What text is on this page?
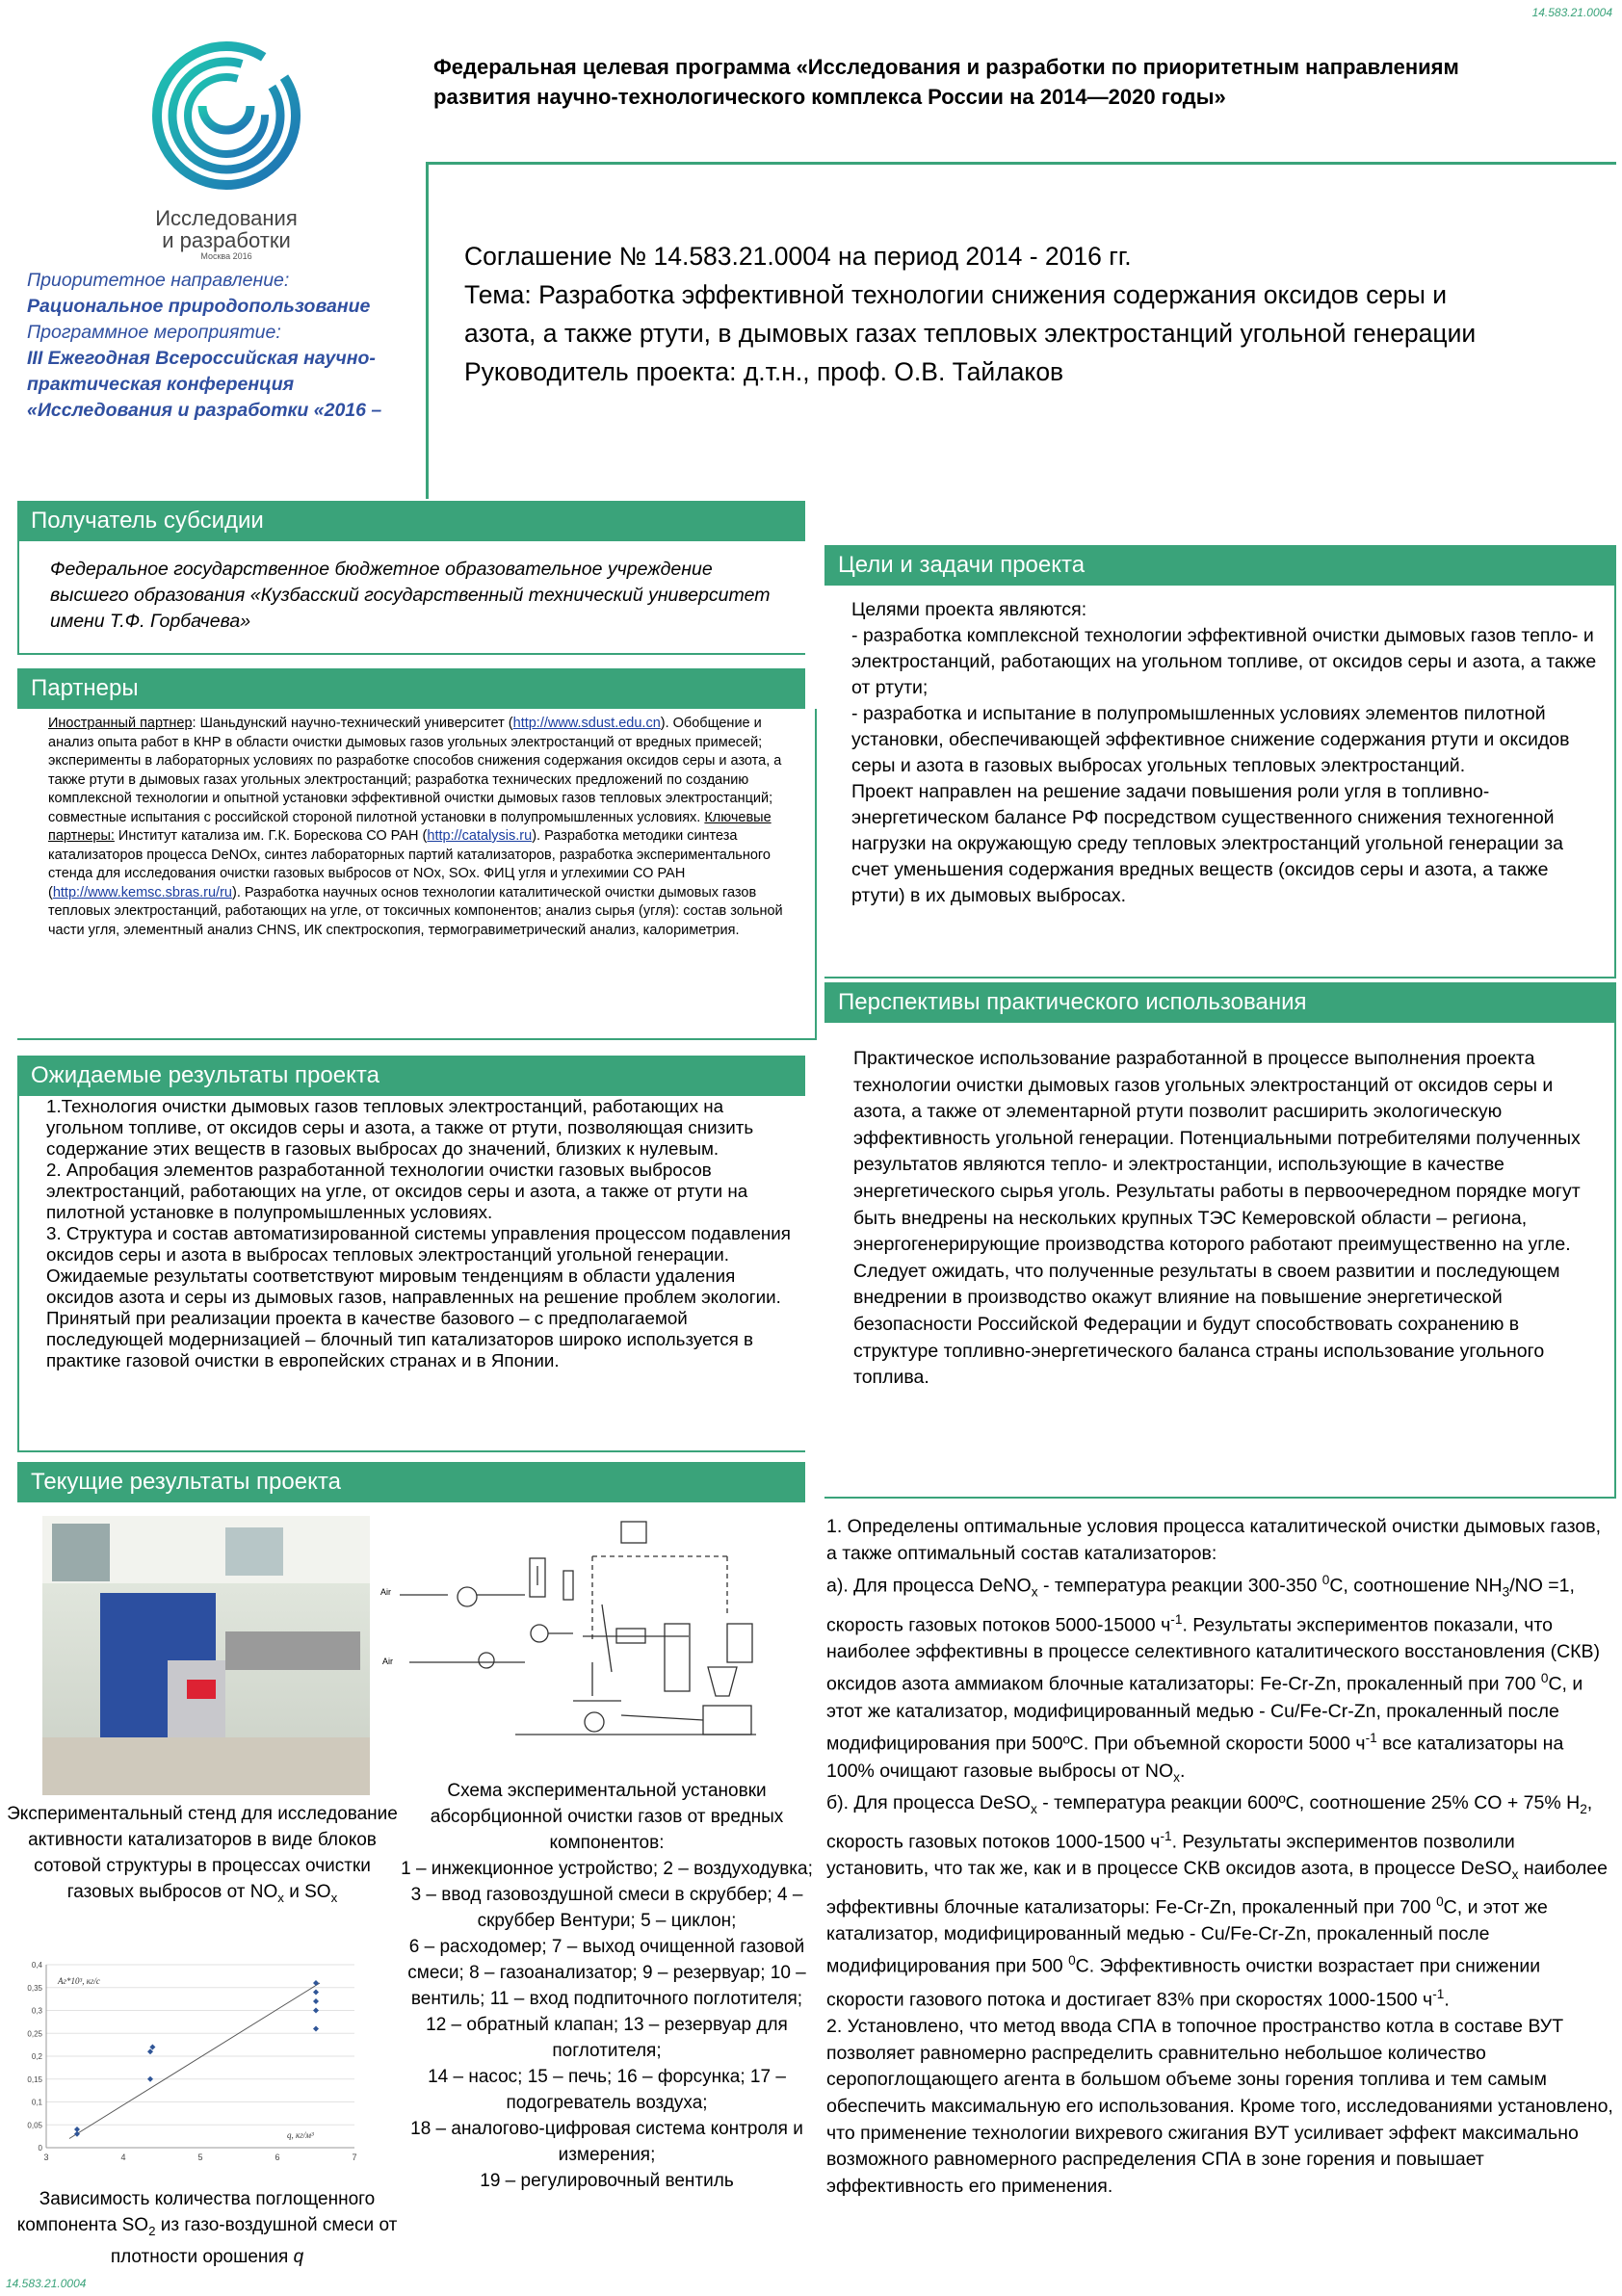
14.583.21.0004
14.583.21.0004
Исследования
и разработки
Москва 2016
Федеральная целевая программа «Исследования и разработки по приоритетным направлениям развития научно-технологического комплекса России на 2014—2020 годы»
Приоритетное направление:
Рациональное природопользование
Программное мероприятие:
III Ежегодная Всероссийская научно-практическая конференция «Исследования и разработки «2016 –
Соглашение № 14.583.21.0004 на период 2014 - 2016 гг.
Тема: Разработка эффективной технологии снижения содержания оксидов серы и
азота, а также ртути, в дымовых газах тепловых электростанций угольной генерации
Руководитель проекта: д.т.н., проф. О.В. Тайлаков
Получатель субсидии
Федеральное государственное бюджетное образовательное учреждение высшего образования «Кузбасский государственный технический университет имени Т.Ф. Горбачева»
Партнеры
Иностранный партнер: Шаньдунский научно-технический университет (http://www.sdust.edu.cn). Обобщение и анализ опыта работ в КНР в области очистки дымовых газов угольных электростанций от вредных примесей; эксперименты в лабораторных условиях по разработке способов снижения содержания оксидов серы и азота, а также ртути в дымовых газах угольных электростанций; разработка технических предложений по созданию комплексной технологии и опытной установки эффективной очистки дымовых газов тепловых электростанций; совместные испытания с российской стороной пилотной установки в полупромышленных условиях. Ключевые партнеры: Институт катализа им. Г.К. Борескова СО РАН (http://catalysis.ru). Разработка методики синтеза катализаторов процесса DeNOx, синтез лабораторных партий катализаторов, разработка экспериментального стенда для исследования очистки газовых выбросов от NOx, SOx. ФИЦ угля и углехимии СО РАН (http://www.kemsc.sbras.ru/ru). Разработка научных основ технологии каталитической очистки дымовых газов тепловых электростанций, работающих на угле, от токсичных компонентов; анализ сырья (угля): состав зольной части угля, элементный анализ CHNS, ИК спектроскопия, термогравиметрический анализ, калориметрия.
Ожидаемые результаты проекта
1.Технология очистки дымовых газов тепловых электростанций, работающих на угольном топливе, от оксидов серы и азота, а также от ртути, позволяющая снизить содержание этих веществ в газовых выбросах до значений, близких к нулевым.
2. Апробация элементов разработанной технологии очистки газовых выбросов электростанций, работающих на угле, от оксидов серы и азота, а также от ртути на пилотной установке в полупромышленных условиях.
3. Структура и состав автоматизированной системы управления процессом подавления оксидов серы и азота в выбросах тепловых электростанций угольной генерации.
Ожидаемые результаты соответствуют мировым тенденциям в области удаления оксидов азота и серы из дымовых газов, направленных на решение проблем экологии. Принятый при реализации проекта в качестве базового – с предполагаемой последующей модернизацией – блочный тип катализаторов широко используется в практике газовой очистки в европейских странах и в Японии.
Цели и задачи проекта
Целями проекта являются:
- разработка комплексной технологии эффективной очистки дымовых газов тепло- и электростанций, работающих на угольном топливе, от оксидов серы и азота, а также от ртути;
- разработка и испытание в полупромышленных условиях элементов пилотной установки, обеспечивающей эффективное снижение содержания ртути и оксидов серы и азота в газовых выбросах угольных тепловых электростанций.
Проект направлен на решение задачи повышения роли угля в топливно-энергетическом балансе РФ посредством существенного снижения техногенной нагрузки на окружающую среду тепловых электростанций угольной генерации за счет уменьшения содержания вредных веществ (оксидов серы и азота, а также ртути) в их дымовых выбросах.
Перспективы практического использования
Практическое использование разработанной в процессе выполнения проекта технологии очистки дымовых газов угольных электростанций от оксидов серы и азота, а также от элементарной ртути позволит расширить экологическую эффективность угольной генерации. Потенциальными потребителями полученных результатов являются тепло- и электростанции, использующие в качестве энергетического сырья уголь. Результаты работы в первоочередном порядке могут быть внедрены на нескольких крупных ТЭС Кемеровской области – региона, энергогенерирующие производства которого работают преимущественно на угле. Следует ожидать, что полученные результаты в своем развитии и последующем внедрении в производство окажут влияние на повышение энергетической безопасности Российской Федерации и будут способствовать сохранению в структуре топливно-энергетического баланса страны использование угольного топлива.
Текущие результаты проекта
Экспериментальный стенд для исследование активности катализаторов в виде блоков сотовой структуры в процессах очистки газовых выбросов от $NO_x$ и $SO_x$
Air
Air
Схема экспериментальной установки абсорбционной очистки газов от вредных компонентов:
1 – инжекционное устройство; 2 – воздуходувка; 3 – ввод газовоздушной смеси в скруббер; 4 – скруббер Вентури; 5 – циклон;
6 – расходомер; 7 – выход очищенной газовой смеси; 8 – газоанализатор; 9 – резервуар; 10 – вентиль; 11 – вход подпиточного поглотителя;
12 – обратный клапан; 13 – резервуар для поглотителя;
14 – насос; 15 – печь; 16 – форсунка; 17 – подогреватель воздуха;
18 – аналогово-цифровая система контроля и измерения;
19 – регулировочный вентиль
0
0,05
0,1
0,15
0,2
0,25
0,3
0,35
0,4
3	4	5	6	7
Aг*10³, кг/с
q, кг/м³
Зависимость количества поглощенного компонента $SO_2$ из газо-воздушной смеси от плотности орошения q
1. Определены оптимальные условия процесса каталитической очистки дымовых газов, а также оптимальный состав катализаторов:
а). Для процесса DeNO$_x$ - температура реакции 300-350 $^0$С, соотношение $NH_3/NO =1$, скорость газовых потоков 5000-15000 $ч^{-1}$. Результаты экспериментов показали, что наиболее эффективны в процессе селективного каталитического восстановления (СКВ) оксидов азота аммиаком блочные катализаторы: Fe-Cr-Zn, прокаленный при 700 $^0$С, и этот же катализатор, модифицированный медью - Cu/Fe-Cr-Zn, прокаленный после модифицирования при 500ºС. При объемной скорости 5000 $ч^{-1}$ все катализаторы на 100% очищают газовые выбросы от $NO_x$.
б). Для процесса DeSO$_x$ - температура реакции 600ºС, соотношение 25% CO + 75% $H_2$, скорость газовых потоков 1000-1500 $ч^{-1}$. Результаты экспериментов позволили установить, что так же, как и в процессе СКВ оксидов азота, в процессе DeSO$_x$ наиболее эффективны блочные катализаторы: Fe-Cr-Zn, прокаленный при 700 $^0$С, и этот же катализатор, модифицированный медью - Cu/Fe-Cr-Zn, прокаленный после модифицирования при 500 $^0$С. Эффективность очистки возрастает при снижении скорости газового потока и достигает 83% при скоростях 1000-1500 $ч^{-1}$.
2. Установлено, что метод ввода СПА в топочное пространство котла в составе ВУТ позволяет равномерно распределить сравнительно небольшое количество серопоглощающего агента в большом объеме зоны горения топлива и тем самым обеспечить максимальную его использования. Кроме того, исследованиями установлено, что применение технологии вихревого сжигания ВУТ усиливает эффект максимально возможного равномерного распределения СПА в зоне горения и повышает эффективность его применения.
